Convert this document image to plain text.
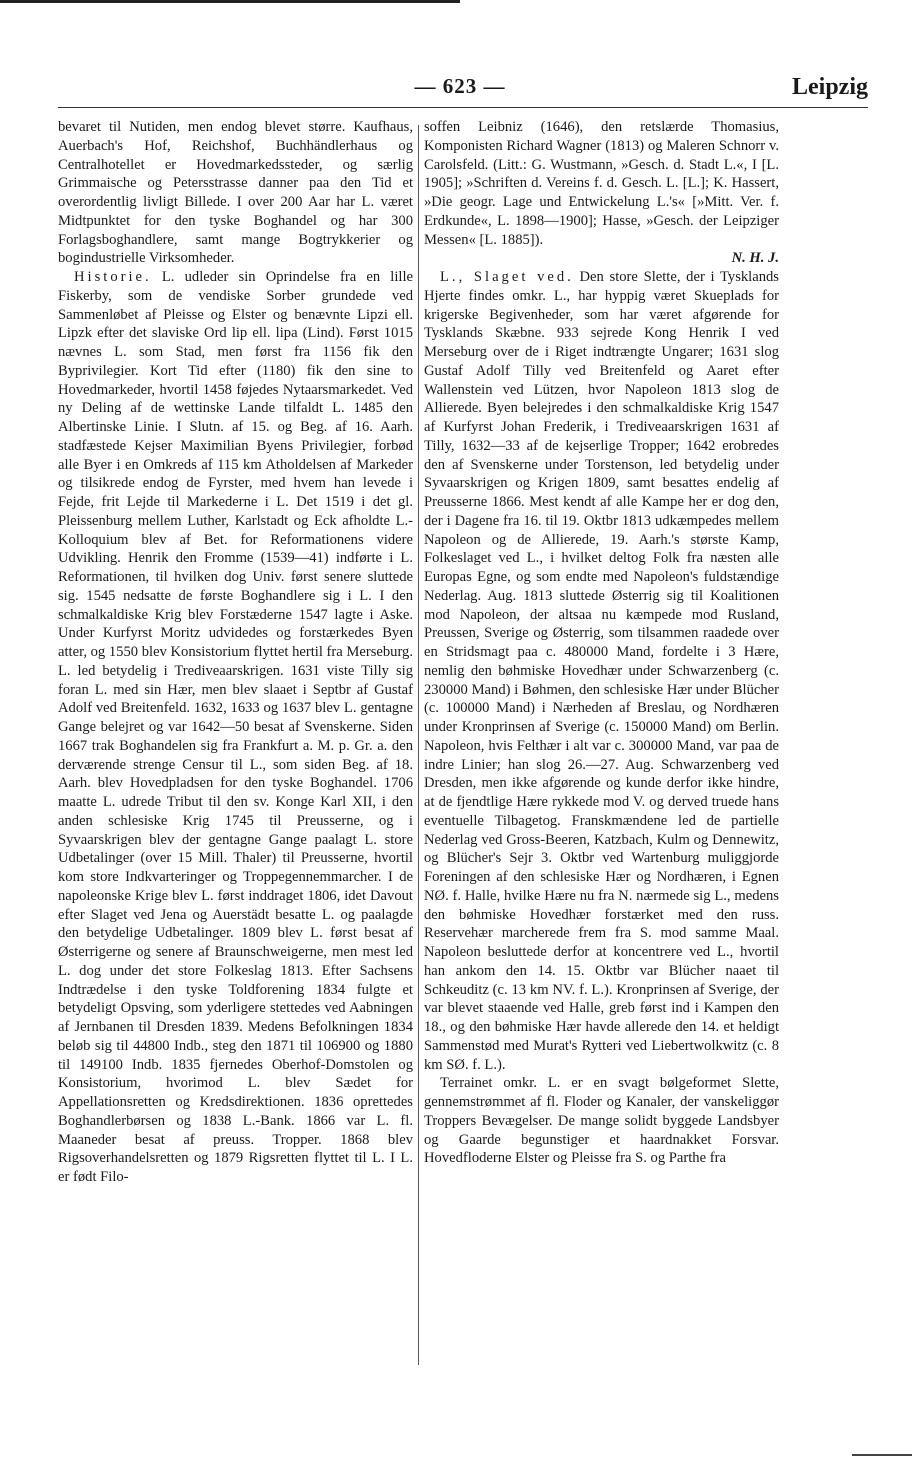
— 623 —	Leipzig

bevaret til Nutiden, men endog blevet større. Kaufhaus, Auerbach's Hof, Reichshof, Buchhändlerhaus og Centralhotellet er Hovedmarkedssteder, og særlig Grimmaische og Petersstrasse danner paa den Tid et overordentlig livligt Billede. I over 200 Aar har L. været Midtpunktet for den tyske Boghandel og har 300 Forlagsboghandlere, samt mange Bogtrykkerier og bogindustrielle Virksomheder.

Historie. L. udleder sin Oprindelse fra en lille Fiskerby, som de vendiske Sorber grundede ved Sammenløbet af Pleisse og Elster og benævnte Lipzi ell. Lipzk efter det slaviske Ord lip ell. lipa (Lind). Først 1015 nævnes L. som Stad, men først fra 1156 fik den Byprivilegier. Kort Tid efter (1180) fik den sine to Hovedmarkeder, hvortil 1458 føjedes Nytaarsmarkedet. Ved ny Deling af de wettinske Lande tilfaldt L. 1485 den Albertinske Linie. I Slutn. af 15. og Beg. af 16. Aarh. stadfæstede Kejser Maximilian Byens Privilegier, forbød alle Byer i en Omkreds af 115 km Atholdelsen af Markeder og tilsikrede endog de Fyrster, med hvem han levede i Fejde, frit Lejde til Markederne i L. Det 1519 i det gl. Pleissenburg mellem Luther, Karlstadt og Eck afholdte L.-Kolloquium blev af Bet. for Reformationens videre Udvikling. Henrik den Fromme (1539—41) indførte i L. Reformationen, til hvilken dog Univ. først senere sluttede sig. 1545 nedsatte de første Boghandlere sig i L. I den schmalkaldiske Krig blev Forstæderne 1547 lagte i Aske. Under Kurfyrst Moritz udvidedes og forstærkedes Byen atter, og 1550 blev Konsistorium flyttet hertil fra Merseburg. L. led betydelig i Trediveaarskrigen. 1631 viste Tilly sig foran L. med sin Hær, men blev slaaet i Septbr af Gustaf Adolf ved Breitenfeld. 1632, 1633 og 1637 blev L. gentagne Gange belejret og var 1642—50 besat af Svenskerne. Siden 1667 trak Boghandelen sig fra Frankfurt a. M. p. Gr. a. den derværende strenge Censur til L., som siden Beg. af 18. Aarh. blev Hovedpladsen for den tyske Boghandel. 1706 maatte L. udrede Tribut til den sv. Konge Karl XII, i den anden schlesiske Krig 1745 til Preusserne, og i Syvaarskrigen blev der gentagne Gange paalagt L. store Udbetalinger (over 15 Mill. Thaler) til Preusserne, hvortil kom store Indkvarteringer og Troppegennemmarcher. I de napoleonske Krige blev L. først inddraget 1806, idet Davout efter Slaget ved Jena og Auerstädt besatte L. og paalagde den betydelige Udbetalinger. 1809 blev L. først besat af Østerrigerne og senere af Braunschweigerne, men mest led L. dog under det store Folkeslag 1813. Efter Sachsens Indtrædelse i den tyske Toldforening 1834 fulgte et betydeligt Opsving, som yderligere stettedes ved Aabningen af Jernbanen til Dresden 1839. Medens Befolkningen 1834 beløb sig til 44800 Indb., steg den 1871 til 106900 og 1880 til 149100 Indb. 1835 fjernedes Oberhof-Domstolen og Konsistorium, hvorimod L. blev Sædet for Appellationsretten og Kredsdirektionen. 1836 oprettedes Boghandlerbørsen og 1838 L.-Bank. 1866 var L. fl. Maaneder besat af preuss. Tropper. 1868 blev Rigsoverhandelsretten og 1879 Rigsretten flyttet til L. I L. er født Filo-

soffen Leibniz (1646), den retslærde Thomasius, Komponisten Richard Wagner (1813) og Maleren Schnorr v. Carolsfeld. (Litt.: G. Wustmann, »Gesch. d. Stadt L.«, I [L. 1905]; »Schriften d. Vereins f. d. Gesch. L. [L.]; K. Hassert, »Die geogr. Lage und Entwickelung L.'s« [»Mitt. Ver. f. Erdkunde«, L. 1898—1900]; Hasse, »Gesch. der Leipziger Messen« [L. 1885]).

N. H. J.

L., Slaget ved. Den store Slette, der i Tysklands Hjerte findes omkr. L., har hyppig været Skueplads for krigerske Begivenheder, som har været afgørende for Tysklands Skæbne. 933 sejrede Kong Henrik I ved Merseburg over de i Riget indtrængte Ungarer; 1631 slog Gustaf Adolf Tilly ved Breitenfeld og Aaret efter Wallenstein ved Lützen, hvor Napoleon 1813 slog de Allierede. Byen belejredes i den schmalkaldiske Krig 1547 af Kurfyrst Johan Frederik, i Trediveaarskrigen 1631 af Tilly, 1632—33 af de kejserlige Tropper; 1642 erobredes den af Svenskerne under Torstenson, led betydelig under Syvaarskrigen og Krigen 1809, samt besattes endelig af Preusserne 1866. Mest kendt af alle Kampe her er dog den, der i Dagene fra 16. til 19. Oktbr 1813 udkæmpedes mellem Napoleon og de Allierede, 19. Aarh.'s største Kamp, Folkeslaget ved L., i hvilket deltog Folk fra næsten alle Europas Egne, og som endte med Napoleon's fuldstændige Nederlag. Aug. 1813 sluttede Østerrig sig til Koalitionen mod Napoleon, der altsaa nu kæmpede mod Rusland, Preussen, Sverige og Østerrig, som tilsammen raadede over en Stridsmagt paa c. 480000 Mand, fordelte i 3 Hære, nemlig den bøhmiske Hovedhær under Schwarzenberg (c. 230000 Mand) i Bøhmen, den schlesiske Hær under Blücher (c. 100000 Mand) i Nærheden af Breslau, og Nordhæren under Kronprinsen af Sverige (c. 150000 Mand) om Berlin. Napoleon, hvis Felthær i alt var c. 300000 Mand, var paa de indre Linier; han slog 26.—27. Aug. Schwarzenberg ved Dresden, men ikke afgørende og kunde derfor ikke hindre, at de fjendtlige Hære rykkede mod V. og derved truede hans eventuelle Tilbagetog. Franskmændene led de partielle Nederlag ved Gross-Beeren, Katzbach, Kulm og Dennewitz, og Blücher's Sejr 3. Oktbr ved Wartenburg muliggjorde Foreningen af den schlesiske Hær og Nordhæren, i Egnen NØ. f. Halle, hvilke Hære nu fra N. nærmede sig L., medens den bøhmiske Hovedhær forstærket med den russ. Reservehær marcherede frem fra S. mod samme Maal. Napoleon besluttede derfor at koncentrere ved L., hvortil han ankom den 14. 15. Oktbr var Blücher naaet til Schkeuditz (c. 13 km NV. f. L.). Kronprinsen af Sverige, der var blevet staaende ved Halle, greb først ind i Kampen den 18., og den bøhmiske Hær havde allerede den 14. et heldigt Sammenstød med Murat's Rytteri ved Liebertwolkwitz (c. 8 km SØ. f. L.).

Terrainet omkr. L. er en svagt bølgeformet Slette, gennemstrømmet af fl. Floder og Kanaler, der vanskeliggør Troppers Bevægelser. De mange solidt byggede Landsbyer og Gaarde begunstiger et haardnakket Forsvar. Hovedfloderne Elster og Pleisse fra S. og Parthe fra
